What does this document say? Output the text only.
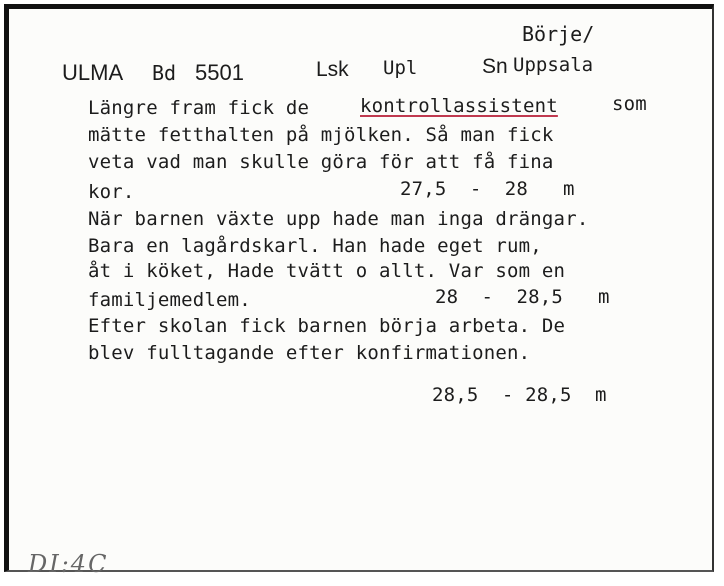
Börje/
ULMA Bd 5501	Lsk Upl	Sn Uppsala
Längre fram fick de	kontrollassistent	som
mätte fetthalten på mjölken. Så man fick
veta vad man skulle göra för att få fina
kor.	27,5  -  28   m
När barnen växte upp hade man inga drängar.
Bara en lagårdskarl. Han hade eget rum,
åt i köket, Hade tvätt o allt. Var som en
familjemedlem.	28  -  28,5   m
Efter skolan fick barnen börja arbeta. De
blev fulltagande efter konfirmationen.
28,5  - 28,5  m
DI:4C
